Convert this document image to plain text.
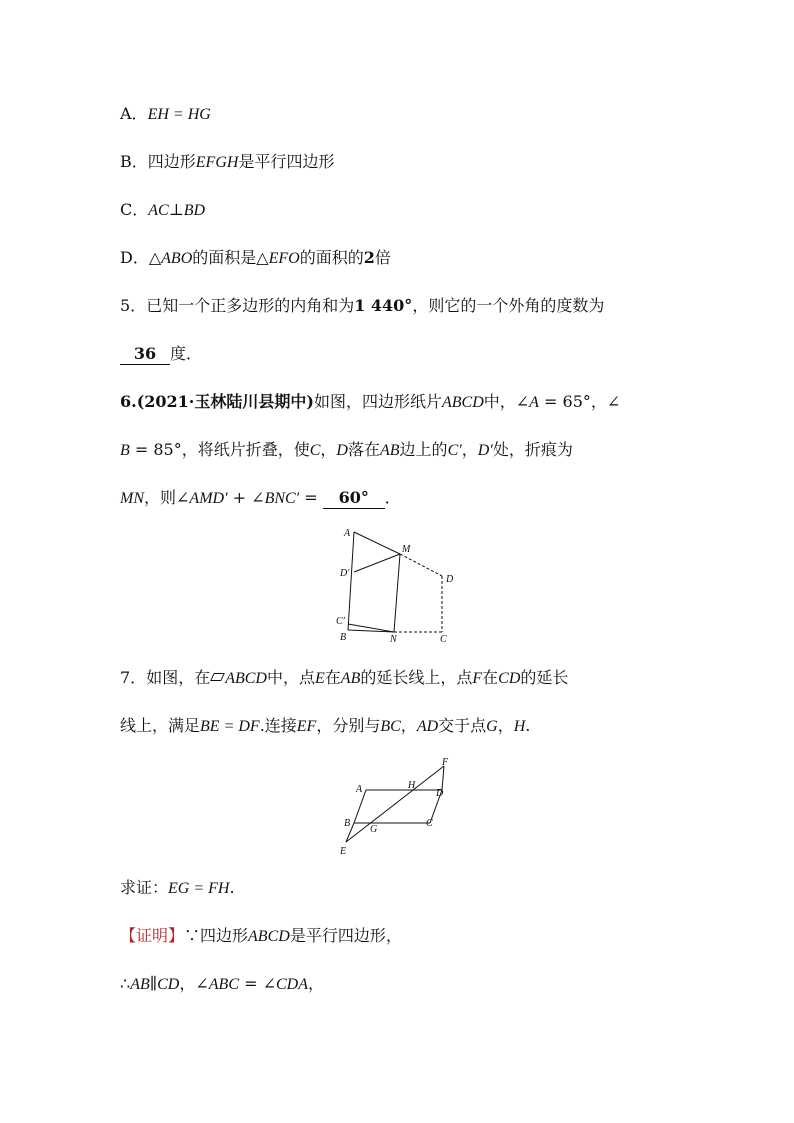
A．EH = HG
B．四边形EFGH是平行四边形
C．AC⊥BD
D．△ABO的面积是△EFO的面积的2倍
5．已知一个正多边形的内角和为1 440°，则它的一个外角的度数为
36 度．
6.(2021·玉林陆川县期中)如图，四边形纸片ABCD中，∠A = 65°，∠
B = 85°，将纸片折叠，使C，D落在AB边上的C′，D′处，折痕为
MN，则∠AMD′ + ∠BNC′ = 60° ．
A
M
D′
D
C′
B	N	C
7．如图，在 ABCD中，点E在AB的延长线上，点F在CD的延长
线上，满足BE = DF.连接EF，分别与BC，AD交于点G，H.
F
A	H
D
B
G
C
E
求证：EG = FH.
【证明】∵四边形ABCD是平行四边形，
∴AB∥CD，∠ABC = ∠CDA，
